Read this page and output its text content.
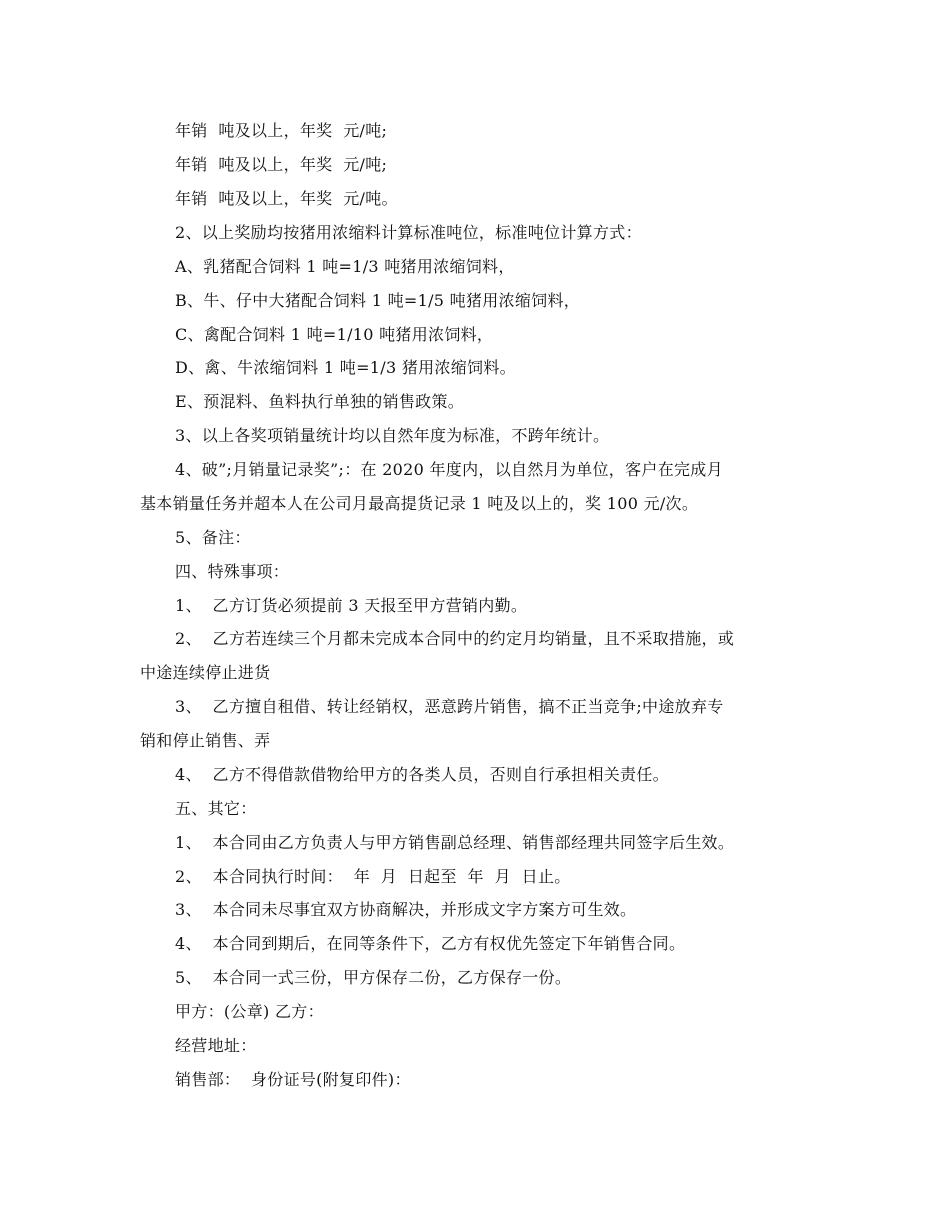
年销  吨及以上，年奖  元/吨;
年销  吨及以上，年奖  元/吨;
年销  吨及以上，年奖  元/吨。
2、以上奖励均按猪用浓缩料计算标准吨位，标准吨位计算方式：
A、乳猪配合饲料 1 吨=1/3 吨猪用浓缩饲料，
B、牛、仔中大猪配合饲料 1 吨=1/5 吨猪用浓缩饲料，
C、禽配合饲料 1 吨=1/10 吨猪用浓饲料，
D、禽、牛浓缩饲料 1 吨=1/3 猪用浓缩饲料。
E、预混料、鱼料执行单独的销售政策。
3、以上各奖项销量统计均以自然年度为标准，不跨年统计。
4、破”;月销量记录奖”;：在 2020 年度内，以自然月为单位，客户在完成月
基本销量任务并超本人在公司月最高提货记录 1 吨及以上的，奖 100 元/次。
5、备注：
四、特殊事项：
1、  乙方订货必须提前 3 天报至甲方营销内勤。
2、  乙方若连续三个月都未完成本合同中的约定月均销量，且不采取措施，或
中途连续停止进货
3、  乙方擅自租借、转让经销权，恶意跨片销售，搞不正当竞争;中途放弃专
销和停止销售、弄
4、  乙方不得借款借物给甲方的各类人员，否则自行承担相关责任。
五、其它：
1、  本合同由乙方负责人与甲方销售副总经理、销售部经理共同签字后生效。
2、  本合同执行时间：  年  月  日起至  年  月  日止。
3、  本合同未尽事宜双方协商解决，并形成文字方案方可生效。
4、  本合同到期后，在同等条件下，乙方有权优先签定下年销售合同。
5、  本合同一式三份，甲方保存二份，乙方保存一份。
甲方：(公章) 乙方：
经营地址：
销售部：  身份证号(附复印件)：
